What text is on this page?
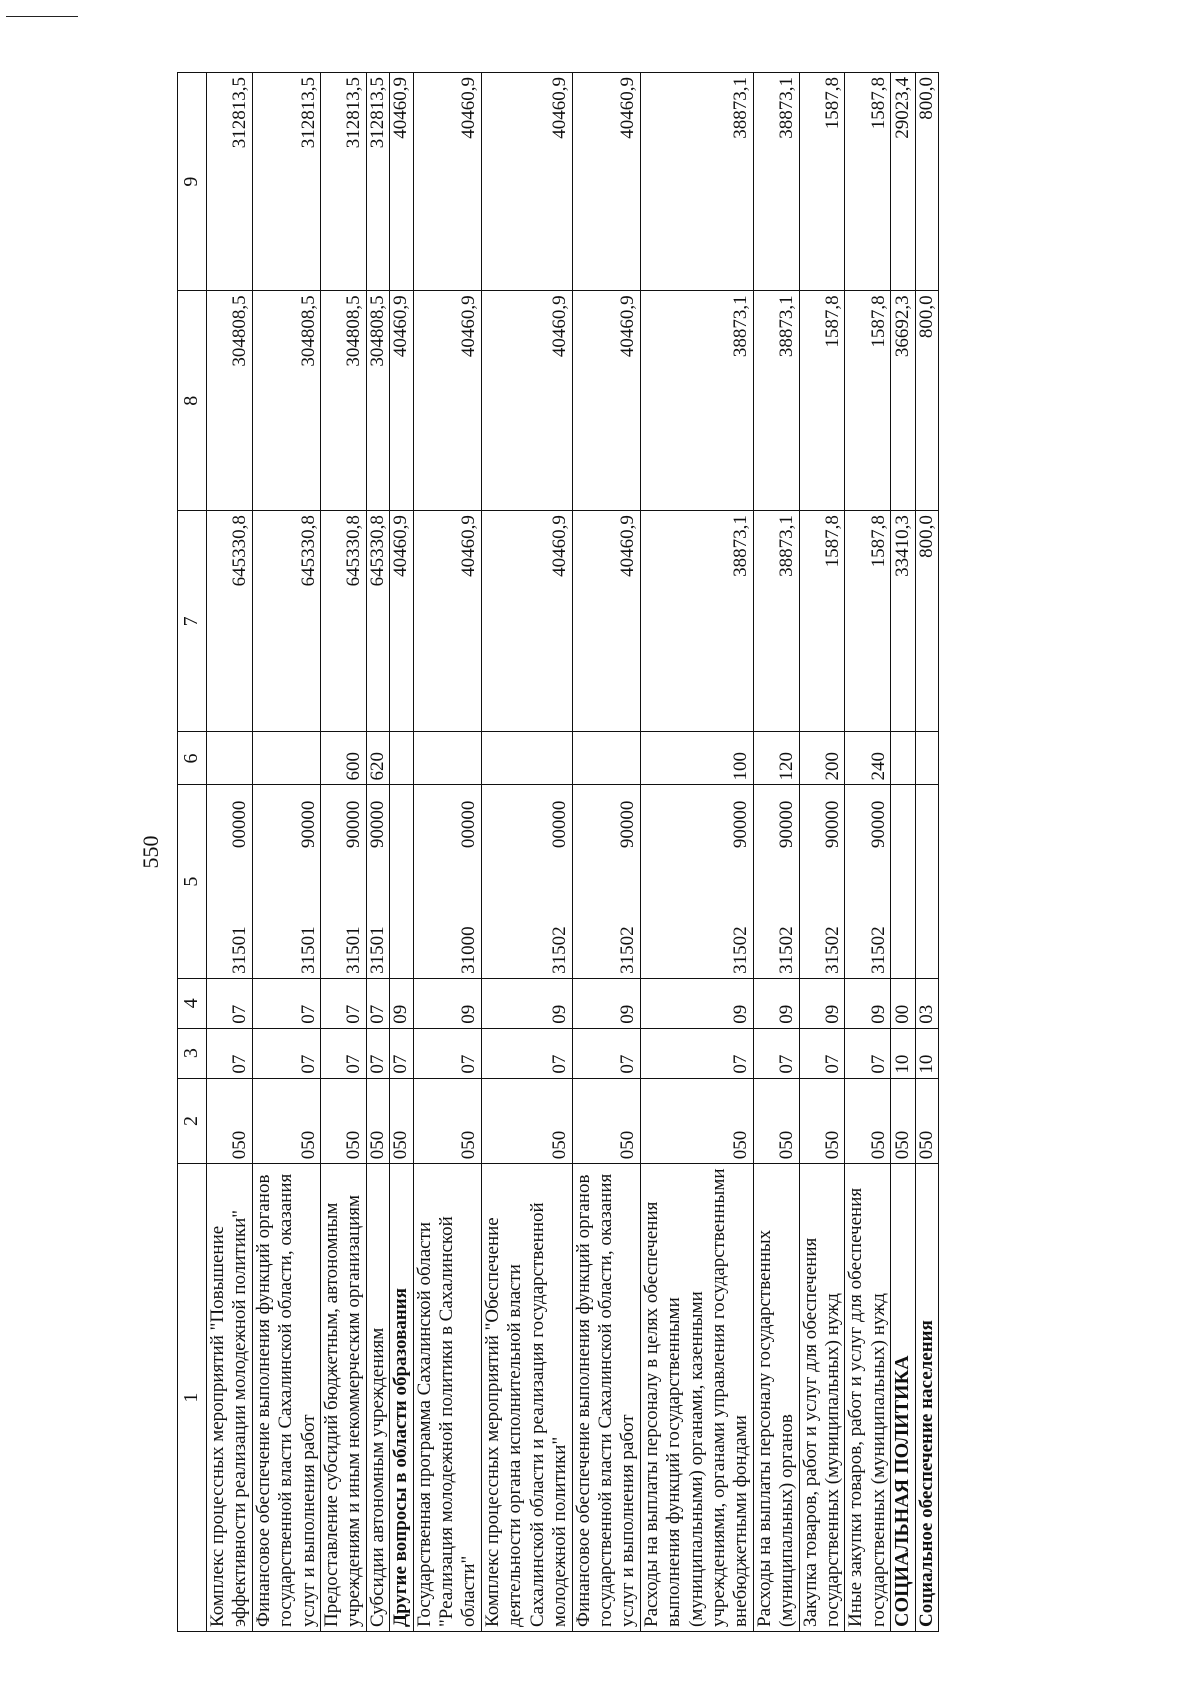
550
1	2	3	4	5	6	7	8	9
Комплекс процессных мероприятий "Повышение эффективности реализации молодежной политики"	050	07	07	3150100000		645330,8	304808,5	312813,5
Финансовое обеспечение выполнения функций органов государственной власти Сахалинской области, оказания услуг и выполнения работ	050	07	07	3150190000		645330,8	304808,5	312813,5
Предоставление субсидий бюджетным, автономным учреждениям и иным некоммерческим организациям	050	07	07	3150190000	600	645330,8	304808,5	312813,5
Субсидии автономным учреждениям	050	07	07	3150190000	620	645330,8	304808,5	312813,5
Другие вопросы в области образования	050	07	09			40460,9	40460,9	40460,9
Государственная программа Сахалинской области "Реализация молодежной политики в Сахалинской области"	050	07	09	3100000000		40460,9	40460,9	40460,9
Комплекс процессных мероприятий "Обеспечение деятельности органа исполнительной власти Сахалинской области и реализация государственной молодежной политики"	050	07	09	3150200000		40460,9	40460,9	40460,9
Финансовое обеспечение выполнения функций органов государственной власти Сахалинской области, оказания услуг и выполнения работ	050	07	09	3150290000		40460,9	40460,9	40460,9
Расходы на выплаты персоналу в целях обеспечения выполнения функций государственными (муниципальными) органами, казенными учреждениями, органами управления государственными внебюджетными фондами	050	07	09	3150290000	100	38873,1	38873,1	38873,1
Расходы на выплаты персоналу государственных (муниципальных) органов	050	07	09	3150290000	120	38873,1	38873,1	38873,1
Закупка товаров, работ и услуг для обеспечения государственных (муниципальных) нужд	050	07	09	3150290000	200	1587,8	1587,8	1587,8
Иные закупки товаров, работ и услуг для обеспечения государственных (муниципальных) нужд	050	07	09	3150290000	240	1587,8	1587,8	1587,8
СОЦИАЛЬНАЯ ПОЛИТИКА	050	10	00			33410,3	36692,3	29023,4
Социальное обеспечение населения	050	10	03			800,0	800,0	800,0
